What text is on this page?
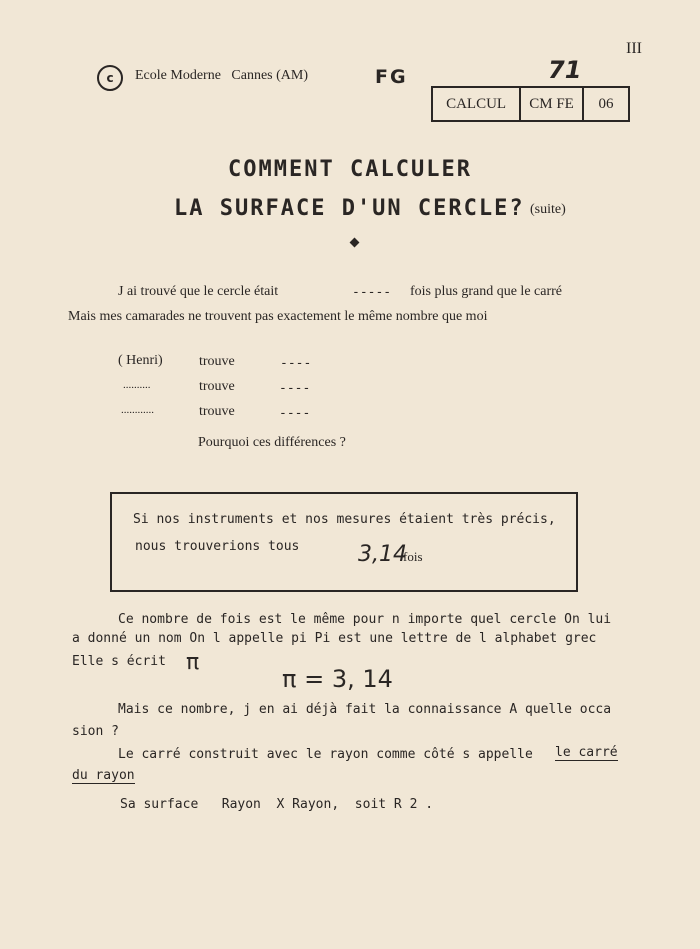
III
c	Ecole Moderne   Cannes (AM)	FG	71
CALCUL	CM FE	06
COMMENT CALCULER
LA SURFACE D'UN CERCLE? (suite)
J ai trouvé que le cercle était	----- fois plus grand que le carré
Mais mes camarades ne trouvent pas exactement le même nombre que moi
( Henri)	trouve	----
..........	trouve	----
............	trouve	----
Pourquoi ces différences ?
Si nos instruments et nos mesures étaient très précis,
nous trouverions tous	3,14
fois
Ce nombre de fois est le même pour n importe quel cercle On lui
a donné un nom On l appelle pi Pi est une lettre de l alphabet grec
Elle s écrit π
π = 3, 14
Mais ce nombre, j en ai déjà fait la connaissance A quelle occa
sion ?
Le carré construit avec le rayon comme côté s appelle le carré
du rayon
Sa surface   Rayon  X Rayon,  soit R 2 .
